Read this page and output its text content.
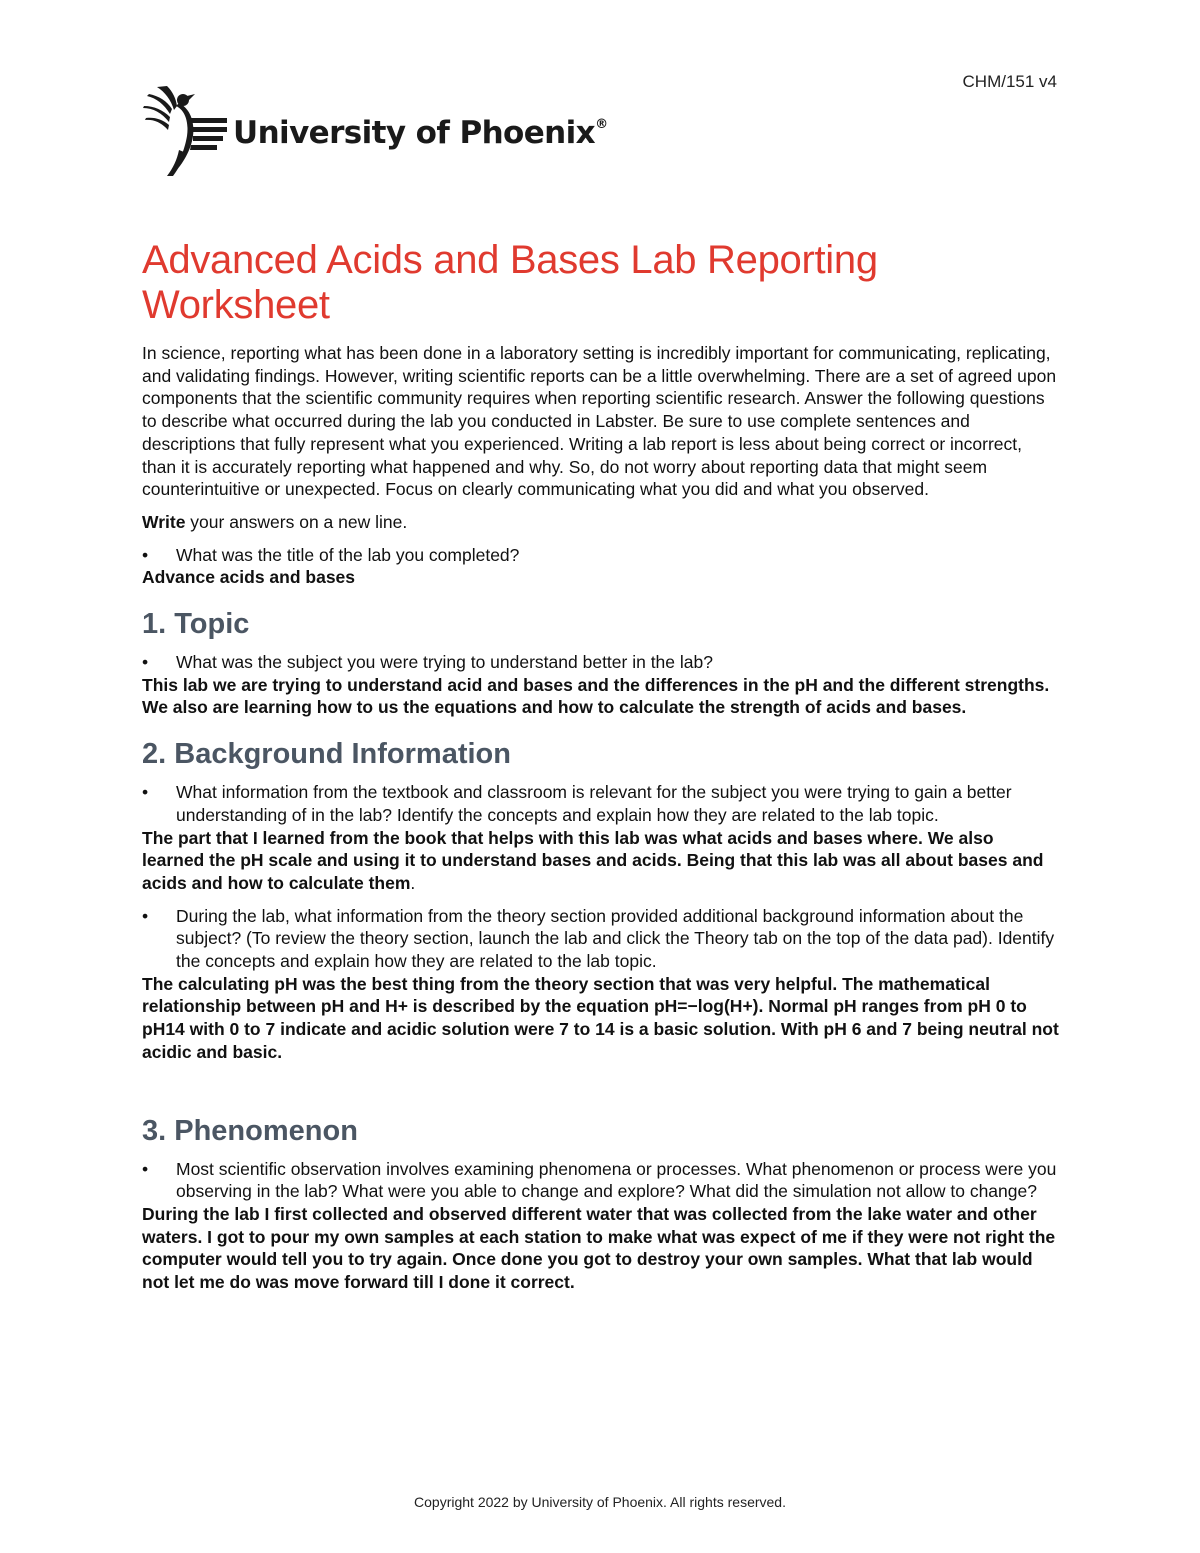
CHM/151 v4
University of Phoenix®
Advanced Acids and Bases Lab Reporting Worksheet

In science, reporting what has been done in a laboratory setting is incredibly important for communicating, replicating, and validating findings. However, writing scientific reports can be a little overwhelming. There are a set of agreed upon components that the scientific community requires when reporting scientific research. Answer the following questions to describe what occurred during the lab you conducted in Labster. Be sure to use complete sentences and descriptions that fully represent what you experienced. Writing a lab report is less about being correct or incorrect, than it is accurately reporting what happened and why. So, do not worry about reporting data that might seem counterintuitive or unexpected. Focus on clearly communicating what you did and what you observed.

Write your answers on a new line.

• What was the title of the lab you completed?

Advance acids and bases

1. Topic

• What was the subject you were trying to understand better in the lab?

This lab we are trying to understand acid and bases and the differences in the pH and the different strengths. We also are learning how to us the equations and how to calculate the strength of acids and bases.

2. Background Information

• What information from the textbook and classroom is relevant for the subject you were trying to gain a better understanding of in the lab? Identify the concepts and explain how they are related to the lab topic.

The part that I learned from the book that helps with this lab was what acids and bases where. We also learned the pH scale and using it to understand bases and acids. Being that this lab was all about bases and acids and how to calculate them.

• During the lab, what information from the theory section provided additional background information about the subject? (To review the theory section, launch the lab and click the Theory tab on the top of the data pad). Identify the concepts and explain how they are related to the lab topic.

The calculating pH was the best thing from the theory section that was very helpful. The mathematical relationship between pH and H+ is described by the equation pH=−log(H+). Normal pH ranges from pH 0 to pH14 with 0 to 7 indicate and acidic solution were 7 to 14 is a basic solution. With pH 6 and 7 being neutral not acidic and basic.

3. Phenomenon

• Most scientific observation involves examining phenomena or processes. What phenomenon or process were you observing in the lab? What were you able to change and explore? What did the simulation not allow to change?

During the lab I first collected and observed different water that was collected from the lake water and other waters. I got to pour my own samples at each station to make what was expect of me if they were not right the computer would tell you to try again. Once done you got to destroy your own samples. What that lab would not let me do was move forward till I done it correct.

Copyright 2022 by University of Phoenix. All rights reserved.
